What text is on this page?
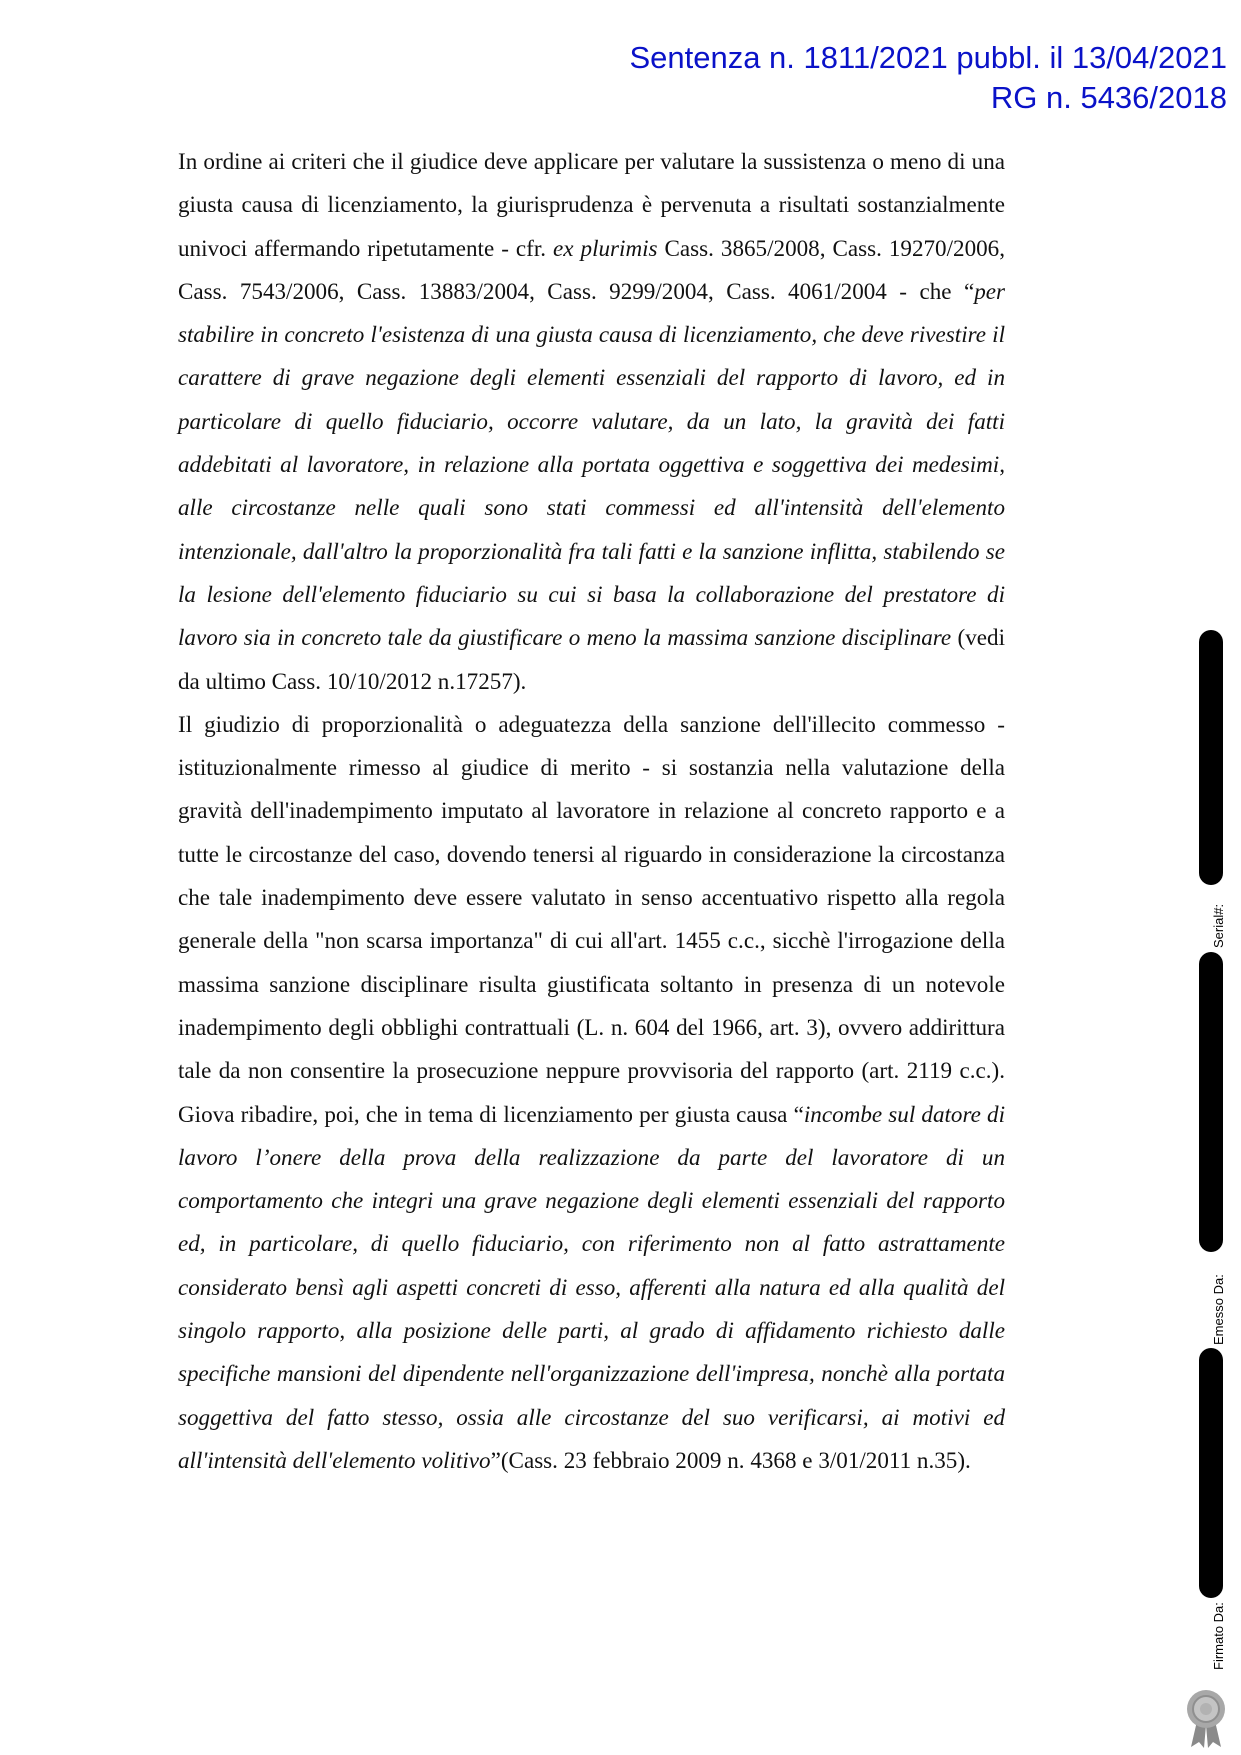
Sentenza n. 1811/2021 pubbl. il 13/04/2021
RG n. 5436/2018

In ordine ai criteri che il giudice deve applicare per valutare la sussistenza o meno di una giusta causa di licenziamento, la giurisprudenza è pervenuta a risultati sostanzialmente univoci affermando ripetutamente - cfr. ex plurimis Cass. 3865/2008, Cass. 19270/2006, Cass. 7543/2006, Cass. 13883/2004, Cass. 9299/2004, Cass. 4061/2004 - che “per stabilire in concreto l'esistenza di una giusta causa di licenziamento, che deve rivestire il carattere di grave negazione degli elementi essenziali del rapporto di lavoro, ed in particolare di quello fiduciario, occorre valutare, da un lato, la gravità dei fatti addebitati al lavoratore, in relazione alla portata oggettiva e soggettiva dei medesimi, alle circostanze nelle quali sono stati commessi ed all'intensità dell'elemento intenzionale, dall'altro la proporzionalità fra tali fatti e la sanzione inflitta, stabilendo se la lesione dell'elemento fiduciario su cui si basa la collaborazione del prestatore di lavoro sia in concreto tale da giustificare o meno la massima sanzione disciplinare (vedi da ultimo Cass. 10/10/2012 n.17257).

Il giudizio di proporzionalità o adeguatezza della sanzione dell'illecito commesso - istituzionalmente rimesso al giudice di merito - si sostanzia nella valutazione della gravità dell'inadempimento imputato al lavoratore in relazione al concreto rapporto e a tutte le circostanze del caso, dovendo tenersi al riguardo in considerazione la circostanza che tale inadempimento deve essere valutato in senso accentuativo rispetto alla regola generale della "non scarsa importanza" di cui all'art. 1455 c.c., sicchè l'irrogazione della massima sanzione disciplinare risulta giustificata soltanto in presenza di un notevole inadempimento degli obblighi contrattuali (L. n. 604 del 1966, art. 3), ovvero addirittura tale da non consentire la prosecuzione neppure provvisoria del rapporto (art. 2119 c.c.). Giova ribadire, poi, che in tema di licenziamento per giusta causa “incombe sul datore di lavoro l’onere della prova della realizzazione da parte del lavoratore di un comportamento che integri una grave negazione degli elementi essenziali del rapporto ed, in particolare, di quello fiduciario, con riferimento non al fatto astrattamente considerato bensì agli aspetti concreti di esso, afferenti alla natura ed alla qualità del singolo rapporto, alla posizione delle parti, al grado di affidamento richiesto dalle specifiche mansioni del dipendente nell'organizzazione dell'impresa, nonchè alla portata soggettiva del fatto stesso, ossia alle circostanze del suo verificarsi, ai motivi ed all'intensità dell'elemento volitivo”(Cass. 23 febbraio 2009 n. 4368 e 3/01/2011 n.35).

Serial#:
Emesso Da:
Firmato Da:
